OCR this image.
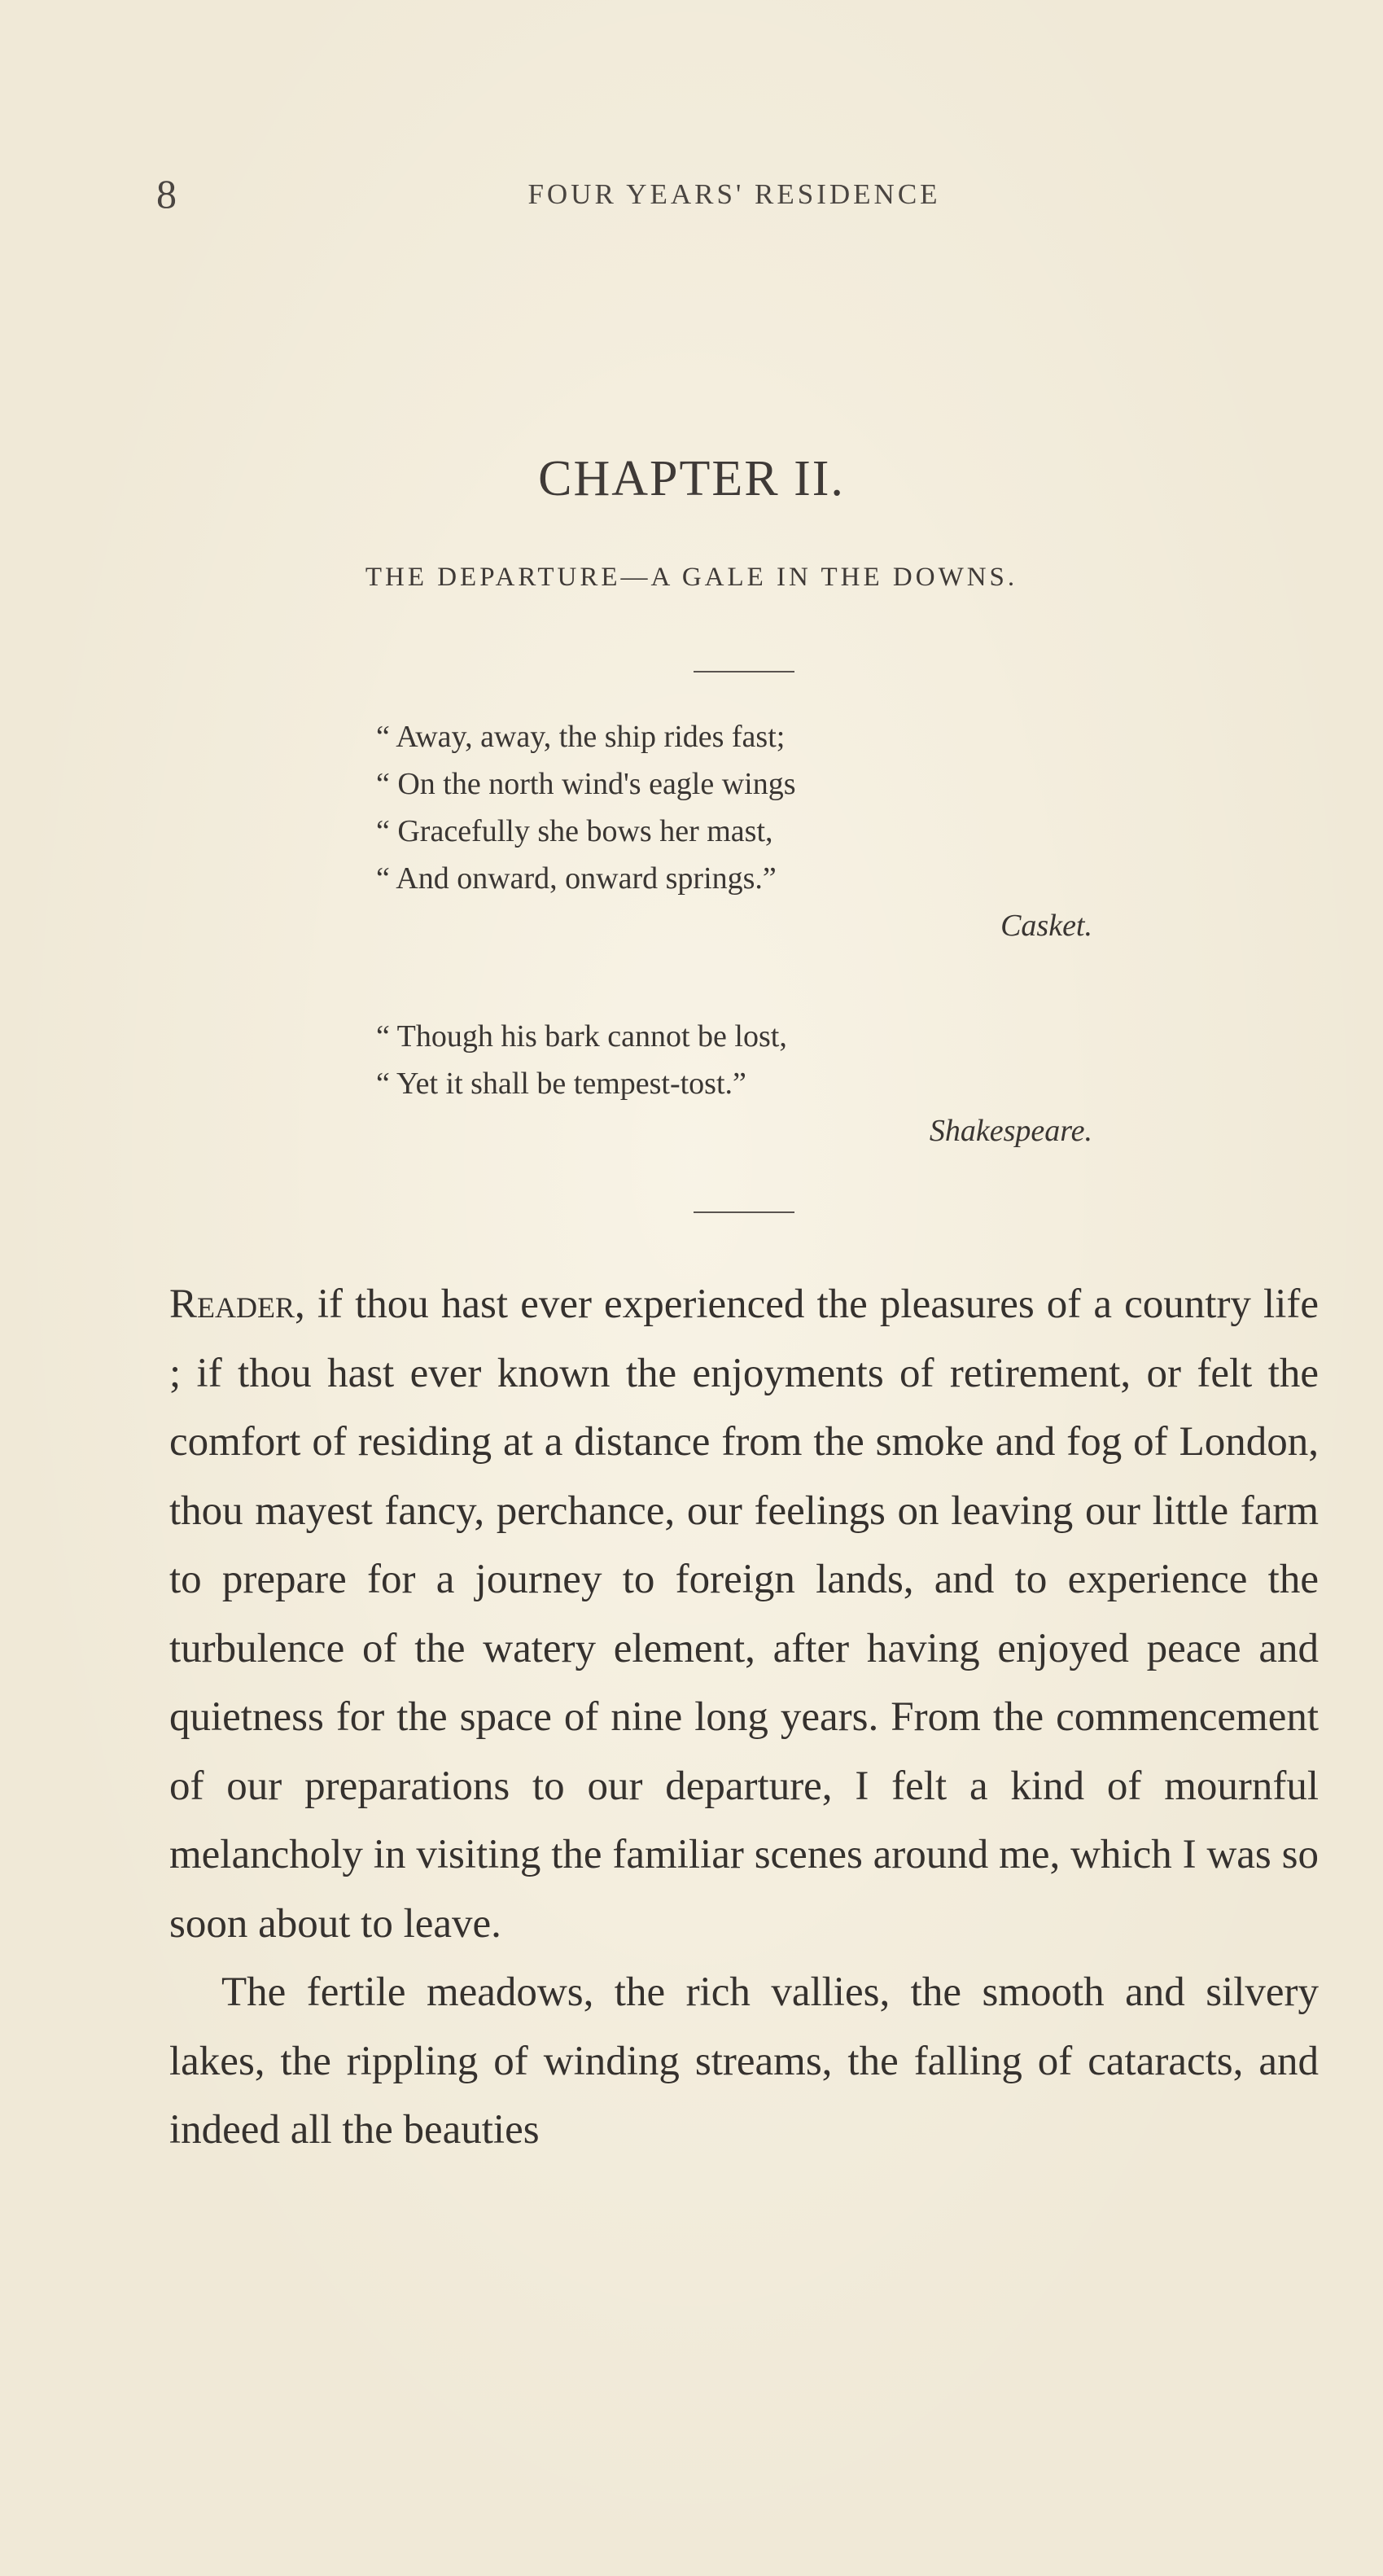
8	FOUR YEARS' RESIDENCE
CHAPTER II.
THE DEPARTURE—A GALE IN THE DOWNS.
“ Away, away, the ship rides fast;
“ On the north wind's eagle wings
“ Gracefully she bows her mast,
“ And onward, onward springs.”
Casket.
“ Though his bark cannot be lost,
“ Yet it shall be tempest-tost.”
Shakespeare.

Reader, if thou hast ever experienced the pleasures of a country life ; if thou hast ever known the enjoyments of retirement, or felt the comfort of residing at a distance from the smoke and fog of London, thou mayest fancy, perchance, our feelings on leaving our little farm to prepare for a journey to foreign lands, and to experience the turbulence of the watery element, after having enjoyed peace and quietness for the space of nine long years. From the commencement of our preparations to our departure, I felt a kind of mournful melancholy in visiting the familiar scenes around me, which I was so soon about to leave.

The fertile meadows, the rich vallies, the smooth and silvery lakes, the rippling of winding streams, the falling of cataracts, and indeed all the beauties
